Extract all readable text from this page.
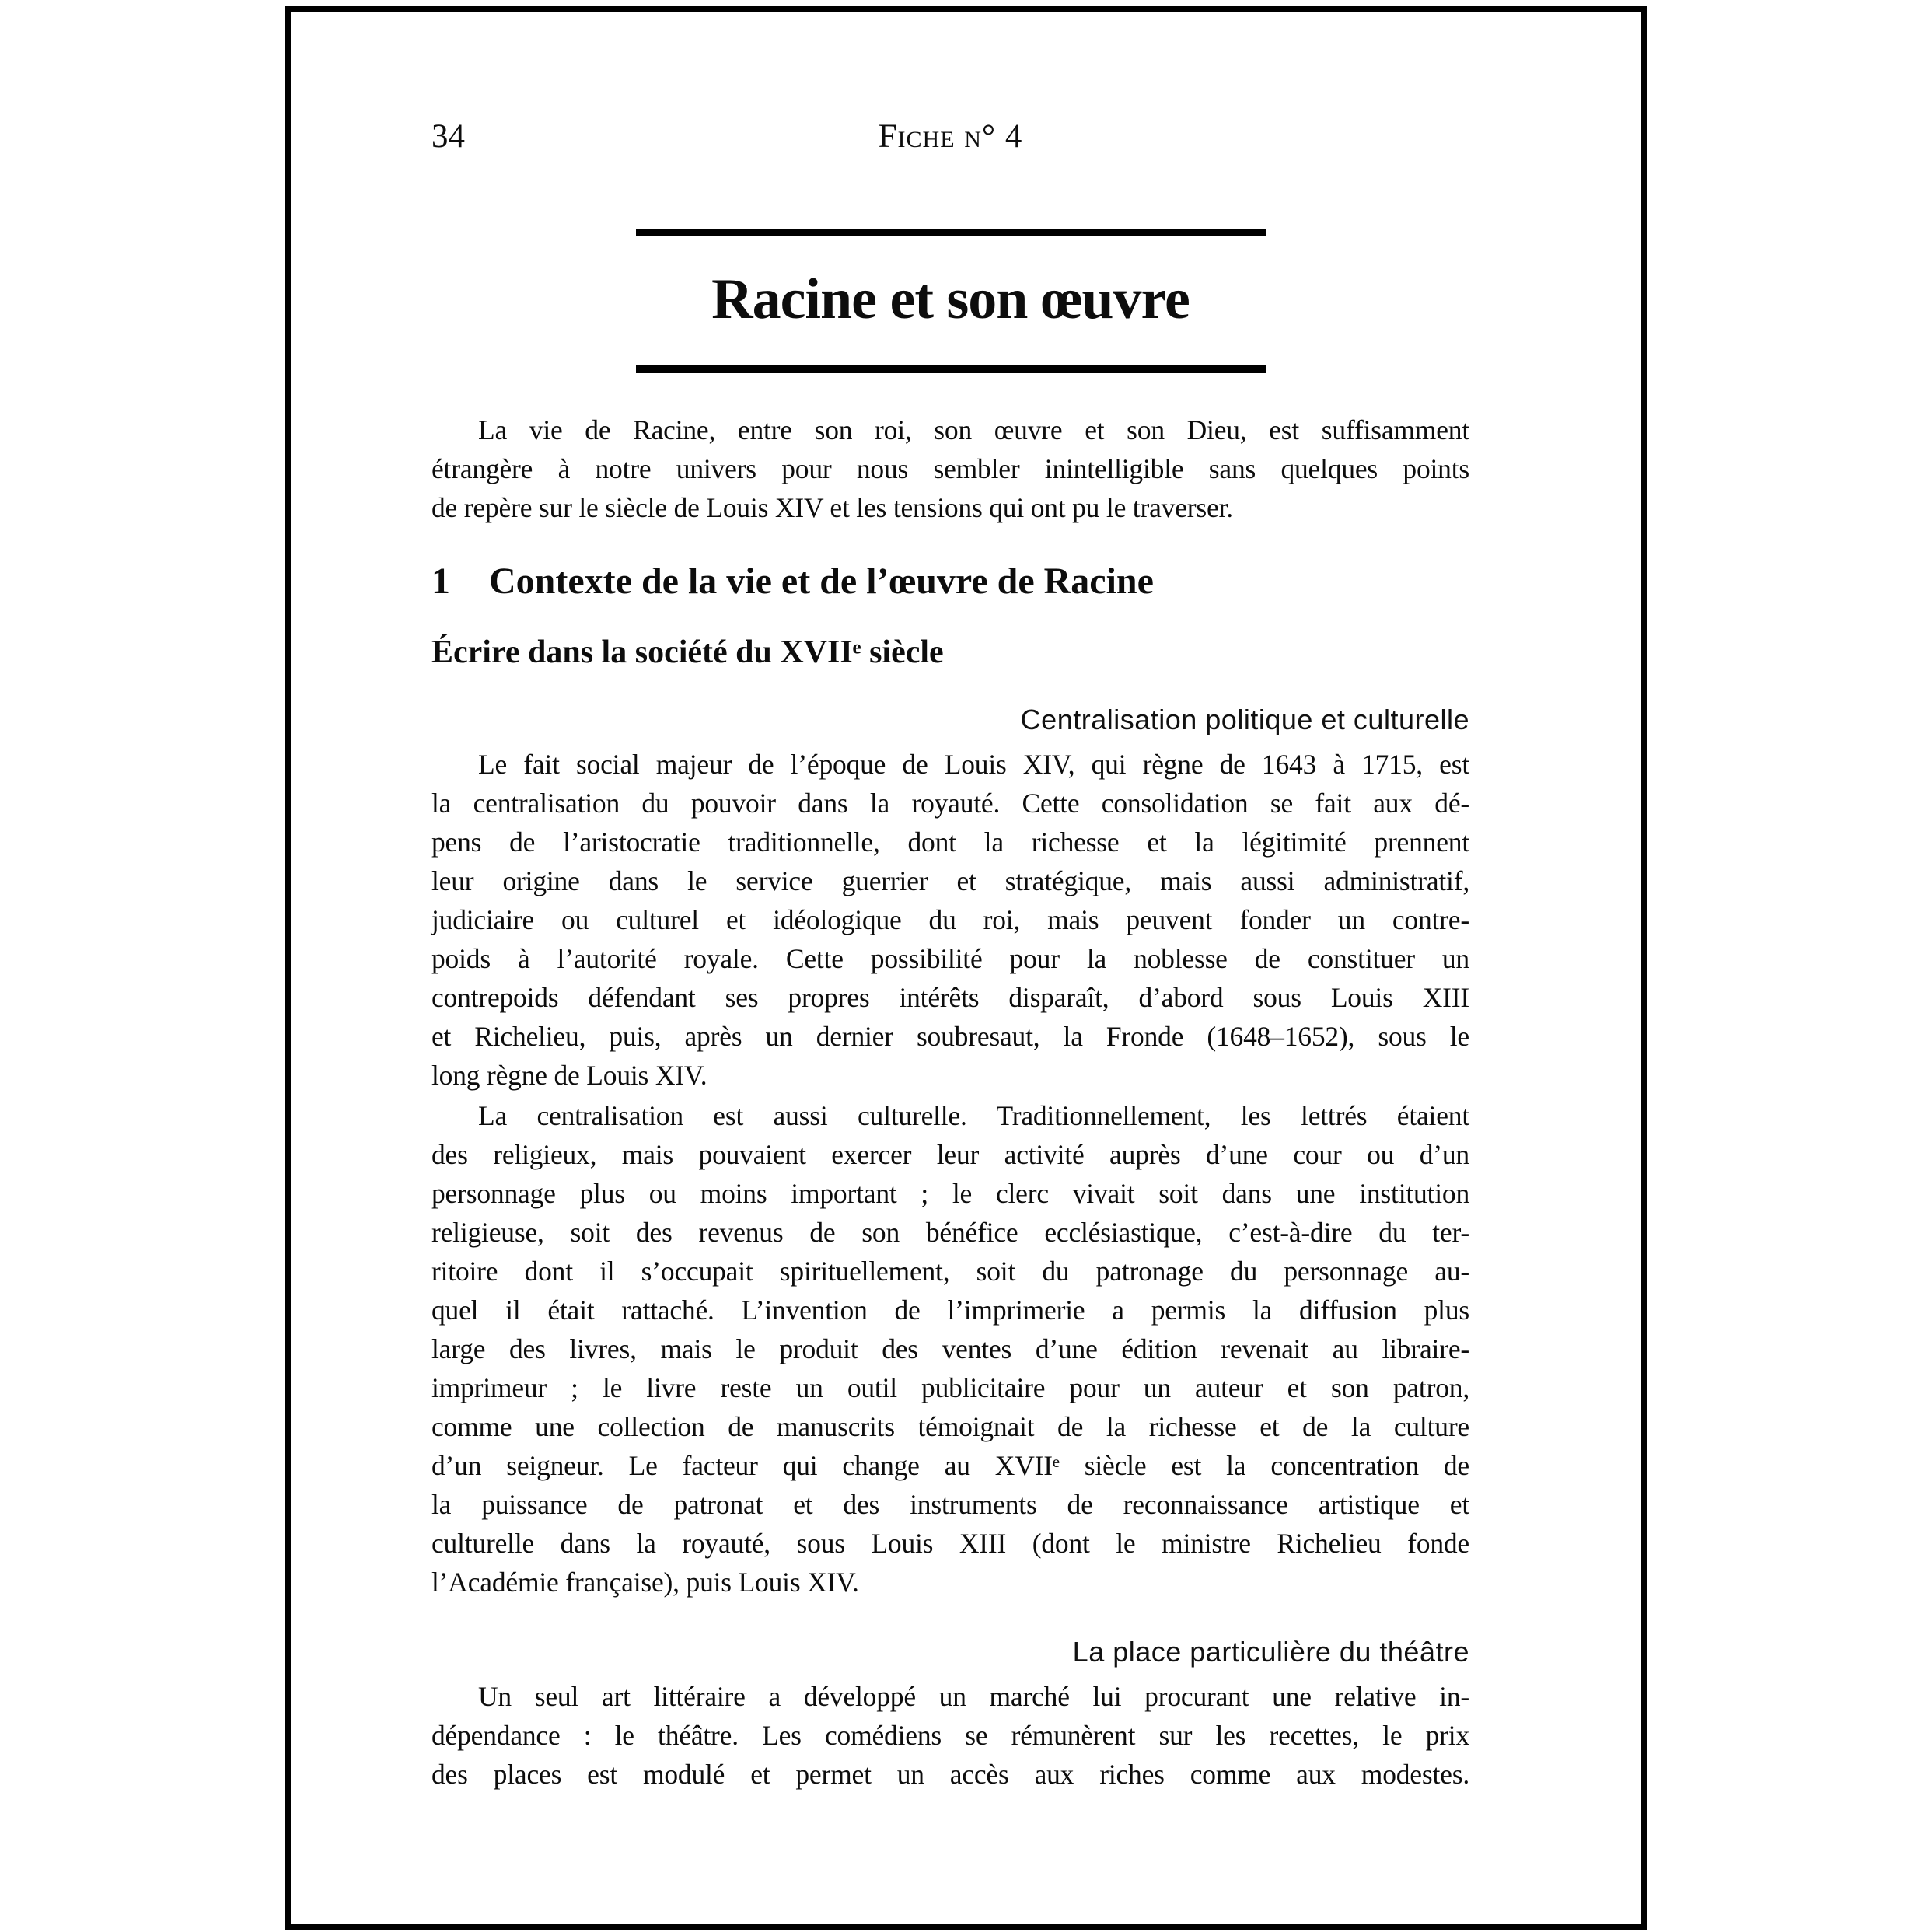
34	Fiche n° 4
Racine et son œuvre
La vie de Racine, entre son roi, son œuvre et son Dieu, est suffisamment
étrangère à notre univers pour nous sembler inintelligible sans quelques points
de repère sur le siècle de Louis XIV et les tensions qui ont pu le traverser.
1 Contexte de la vie et de l’œuvre de Racine
Écrire dans la société du XVIIᵉ siècle
Centralisation politique et culturelle
Le fait social majeur de l’époque de Louis XIV, qui règne de 1643 à 1715, est
la centralisation du pouvoir dans la royauté. Cette consolidation se fait aux dé-
pens de l’aristocratie traditionnelle, dont la richesse et la légitimité prennent
leur origine dans le service guerrier et stratégique, mais aussi administratif,
judiciaire ou culturel et idéologique du roi, mais peuvent fonder un contre-
poids à l’autorité royale. Cette possibilité pour la noblesse de constituer un
contrepoids défendant ses propres intérêts disparaît, d’abord sous Louis XIII
et Richelieu, puis, après un dernier soubresaut, la Fronde (1648–1652), sous le
long règne de Louis XIV.
La centralisation est aussi culturelle. Traditionnellement, les lettrés étaient
des religieux, mais pouvaient exercer leur activité auprès d’une cour ou d’un
personnage plus ou moins important ; le clerc vivait soit dans une institution
religieuse, soit des revenus de son bénéfice ecclésiastique, c’est-à-dire du ter-
ritoire dont il s’occupait spirituellement, soit du patronage du personnage au-
quel il était rattaché. L’invention de l’imprimerie a permis la diffusion plus
large des livres, mais le produit des ventes d’une édition revenait au libraire-
imprimeur ; le livre reste un outil publicitaire pour un auteur et son patron,
comme une collection de manuscrits témoignait de la richesse et de la culture
d’un seigneur. Le facteur qui change au XVIIᵉ siècle est la concentration de
la puissance de patronat et des instruments de reconnaissance artistique et
culturelle dans la royauté, sous Louis XIII (dont le ministre Richelieu fonde
l’Académie française), puis Louis XIV.
La place particulière du théâtre
Un seul art littéraire a développé un marché lui procurant une relative in-
dépendance : le théâtre. Les comédiens se rémunèrent sur les recettes, le prix
des places est modulé et permet un accès aux riches comme aux modestes.
